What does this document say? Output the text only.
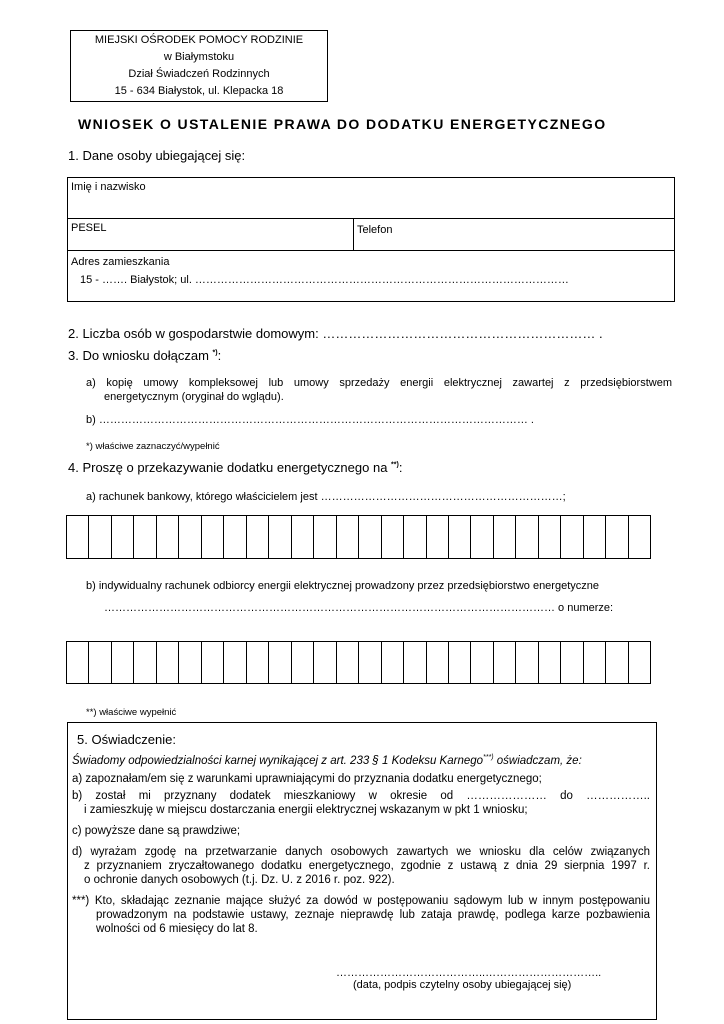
MIEJSKI OŚRODEK POMOCY RODZINIE
w Białymstoku
Dział Świadczeń Rodzinnych
15 - 634 Białystok, ul. Klepacka 18
WNIOSEK O USTALENIE PRAWA DO DODATKU ENERGETYCZNEGO
1. Dane osoby ubiegającej się:
Imię i nazwisko
PESEL	Telefon
Adres zamieszkania
15 - ……. Białystok; ul. …………………………………………………………………………………………
2. Liczba osób w gospodarstwie domowym: ……………………………………………………… .
3. Do wniosku dołączam *):
a) kopię umowy kompleksowej lub umowy sprzedaży energii elektrycznej zawartej z przedsiębiorstwem
energetycznym (oryginał do wglądu).
b) ……………………………………………………………………………………………………… .
*) właściwe zaznaczyć/wypełnić
4. Proszę o przekazywanie dodatku energetycznego na **):
a) rachunek bankowy, którego właścicielem jest …………………………………………………………;
b) indywidualny rachunek odbiorcy energii elektrycznej prowadzony przez przedsiębiorstwo energetyczne
…………………………………………………………………………………………………………… o numerze:
**) właściwe wypełnić
5. Oświadczenie:
Świadomy odpowiedzialności karnej wynikającej z art. 233 § 1 Kodeksu Karnego***) oświadczam, że:
a) zapoznałam/em się z warunkami uprawniającymi do przyznania dodatku energetycznego;
b) został mi przyznany dodatek mieszkaniowy w okresie od ………………… do ……………..
i zamieszkuję w miejscu dostarczania energii elektrycznej wskazanym w pkt 1 wniosku;
c) powyższe dane są prawdziwe;
d) wyrażam zgodę na przetwarzanie danych osobowych zawartych we wniosku dla celów związanych
z przyznaniem zryczałtowanego dodatku energetycznego, zgodnie z ustawą z dnia 29 sierpnia 1997 r.
o ochronie danych osobowych (t.j. Dz. U. z 2016 r. poz. 922).
***) Kto, składając zeznanie mające służyć za dowód w postępowaniu sądowym lub w innym postępowaniu
prowadzonym na podstawie ustawy, zeznaje nieprawdę lub zataja prawdę, podlega karze pozbawienia
wolności od 6 miesięcy do lat 8.
…………………………………..…………………………..
(data, podpis czytelny osoby ubiegającej się)
